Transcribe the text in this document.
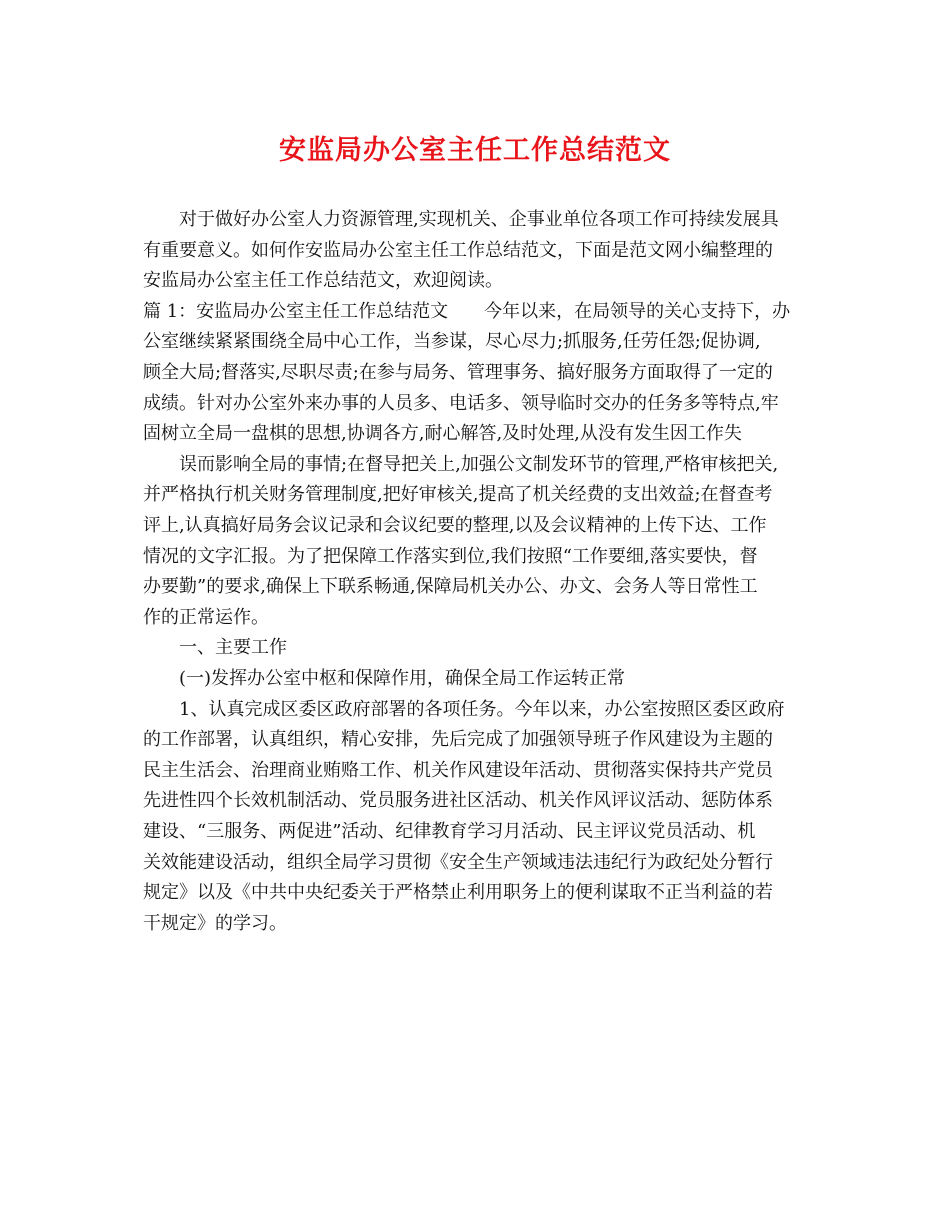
安监局办公室主任工作总结范文
对于做好办公室人力资源管理,实现机关、企事业单位各项工作可持续发展具
有重要意义。如何作安监局办公室主任工作总结范文，下面是范文网小编整理的
安监局办公室主任工作总结范文，欢迎阅读。
篇 1：安监局办公室主任工作总结范文　　今年以来，在局领导的关心支持下，办
公室继续紧紧围绕全局中心工作，当参谋，尽心尽力;抓服务,任劳任怨;促协调,
顾全大局;督落实,尽职尽责;在参与局务、管理事务、搞好服务方面取得了一定的
成绩。针对办公室外来办事的人员多、电话多、领导临时交办的任务多等特点,牢
固树立全局一盘棋的思想,协调各方,耐心解答,及时处理,从没有发生因工作失
误而影响全局的事情;在督导把关上,加强公文制发环节的管理,严格审核把关,
并严格执行机关财务管理制度,把好审核关,提高了机关经费的支出效益;在督查考
评上,认真搞好局务会议记录和会议纪要的整理,以及会议精神的上传下达、工作
情况的文字汇报。为了把保障工作落实到位,我们按照“工作要细,落实要快，督
办要勤”的要求,确保上下联系畅通,保障局机关办公、办文、会务人等日常性工
作的正常运作。
一、主要工作
(一)发挥办公室中枢和保障作用，确保全局工作运转正常
1、认真完成区委区政府部署的各项任务。今年以来，办公室按照区委区政府
的工作部署，认真组织，精心安排，先后完成了加强领导班子作风建设为主题的
民主生活会、治理商业贿赂工作、机关作风建设年活动、贯彻落实保持共产党员
先进性四个长效机制活动、党员服务进社区活动、机关作风评议活动、惩防体系
建设、“三服务、两促进”活动、纪律教育学习月活动、民主评议党员活动、机
关效能建设活动，组织全局学习贯彻《安全生产领域违法违纪行为政纪处分暂行
规定》以及《中共中央纪委关于严格禁止利用职务上的便利谋取不正当利益的若
干规定》的学习。
